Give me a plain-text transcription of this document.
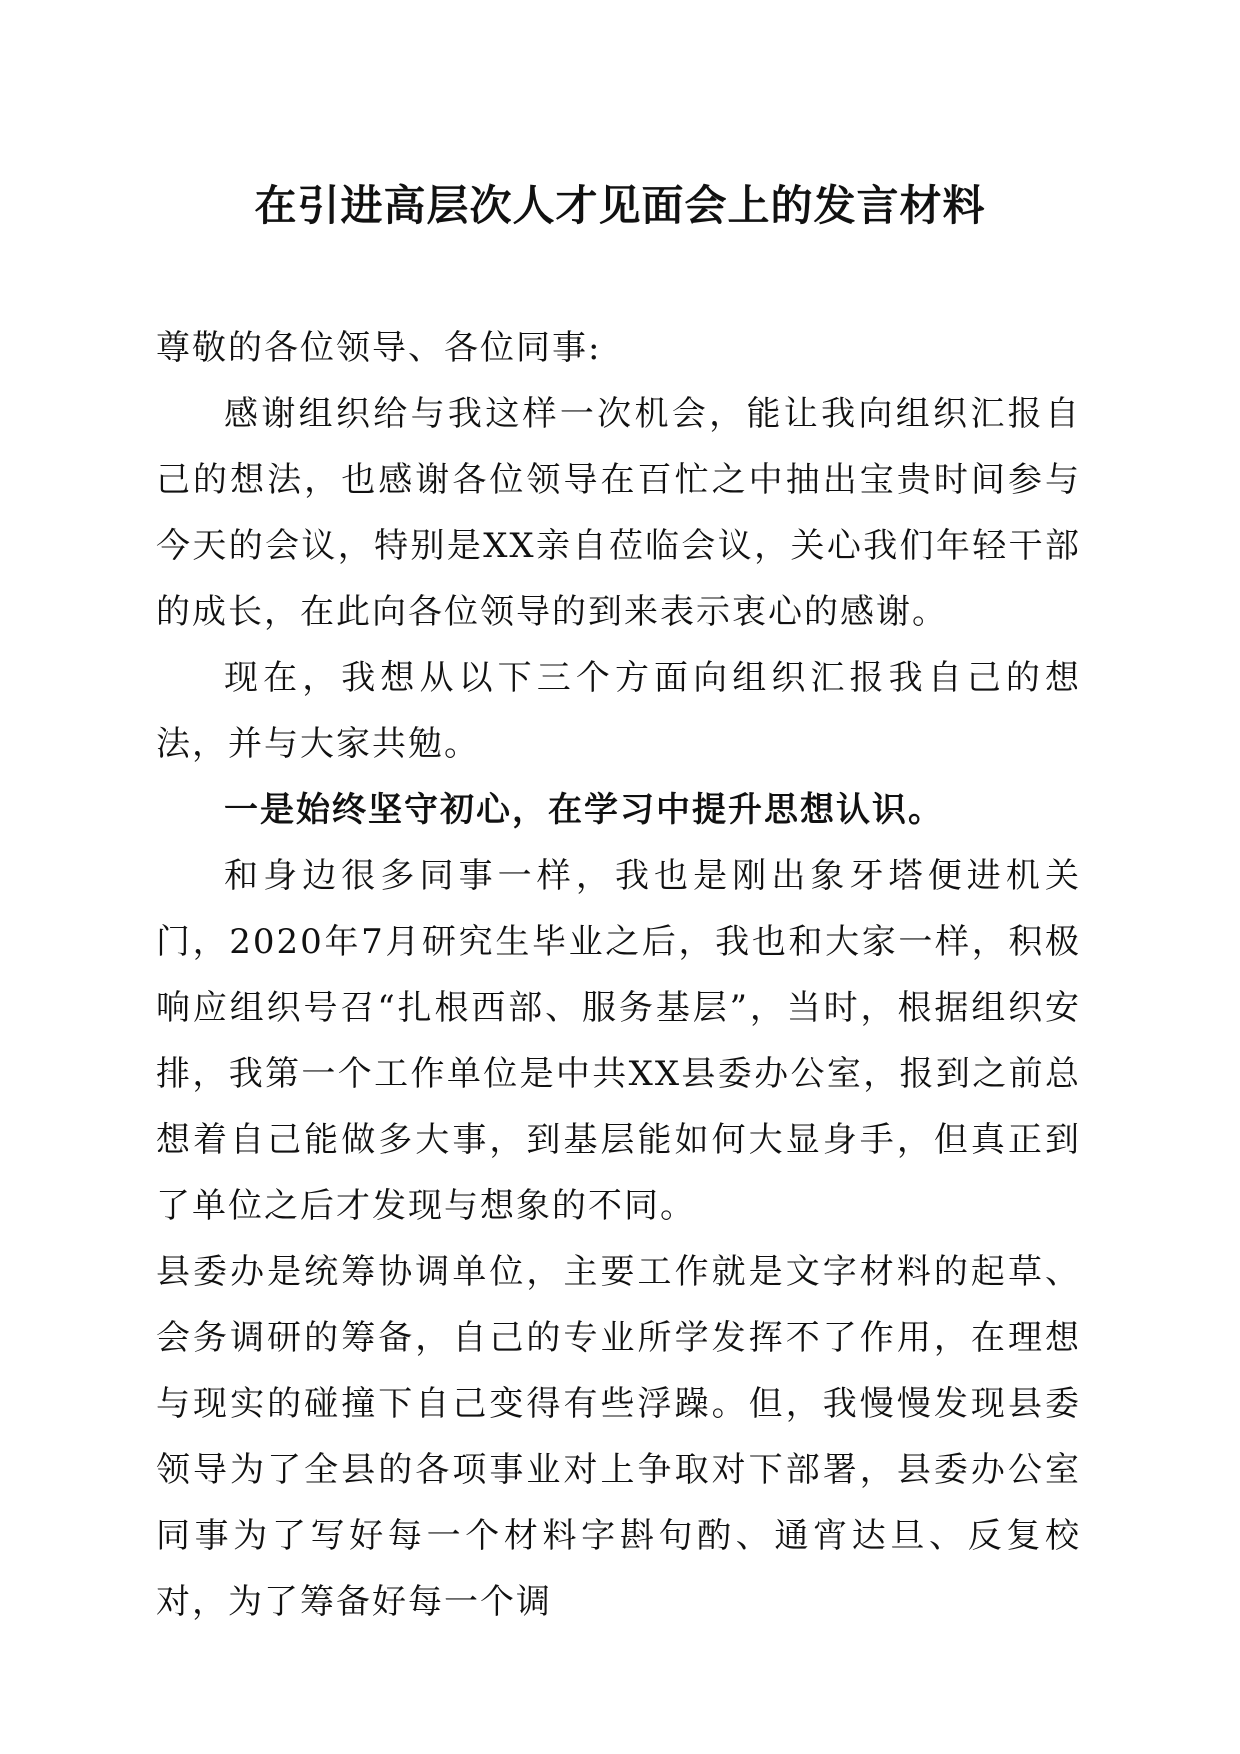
在引进高层次人才见面会上的发言材料

尊敬的各位领导、各位同事:

感谢组织给与我这样一次机会，能让我向组织汇报自己的想法，也感谢各位领导在百忙之中抽出宝贵时间参与今天的会议，特别是XX亲自莅临会议，关心我们年轻干部的成长，在此向各位领导的到来表示衷心的感谢。

现在，我想从以下三个方面向组织汇报我自己的想法，并与大家共勉。

一是始终坚守初心，在学习中提升思想认识。

和身边很多同事一样，我也是刚出象牙塔便进机关门，2020年7月研究生毕业之后，我也和大家一样，积极响应组织号召“扎根西部、服务基层”，当时，根据组织安排，我第一个工作单位是中共XX县委办公室，报到之前总想着自己能做多大事，到基层能如何大显身手，但真正到了单位之后才发现与想象的不同。

县委办是统筹协调单位，主要工作就是文字材料的起草、会务调研的筹备，自己的专业所学发挥不了作用，在理想与现实的碰撞下自己变得有些浮躁。但，我慢慢发现县委领导为了全县的各项事业对上争取对下部署，县委办公室同事为了写好每一个材料字斟句酌、通宵达旦、反复校对，为了筹备好每一个调
